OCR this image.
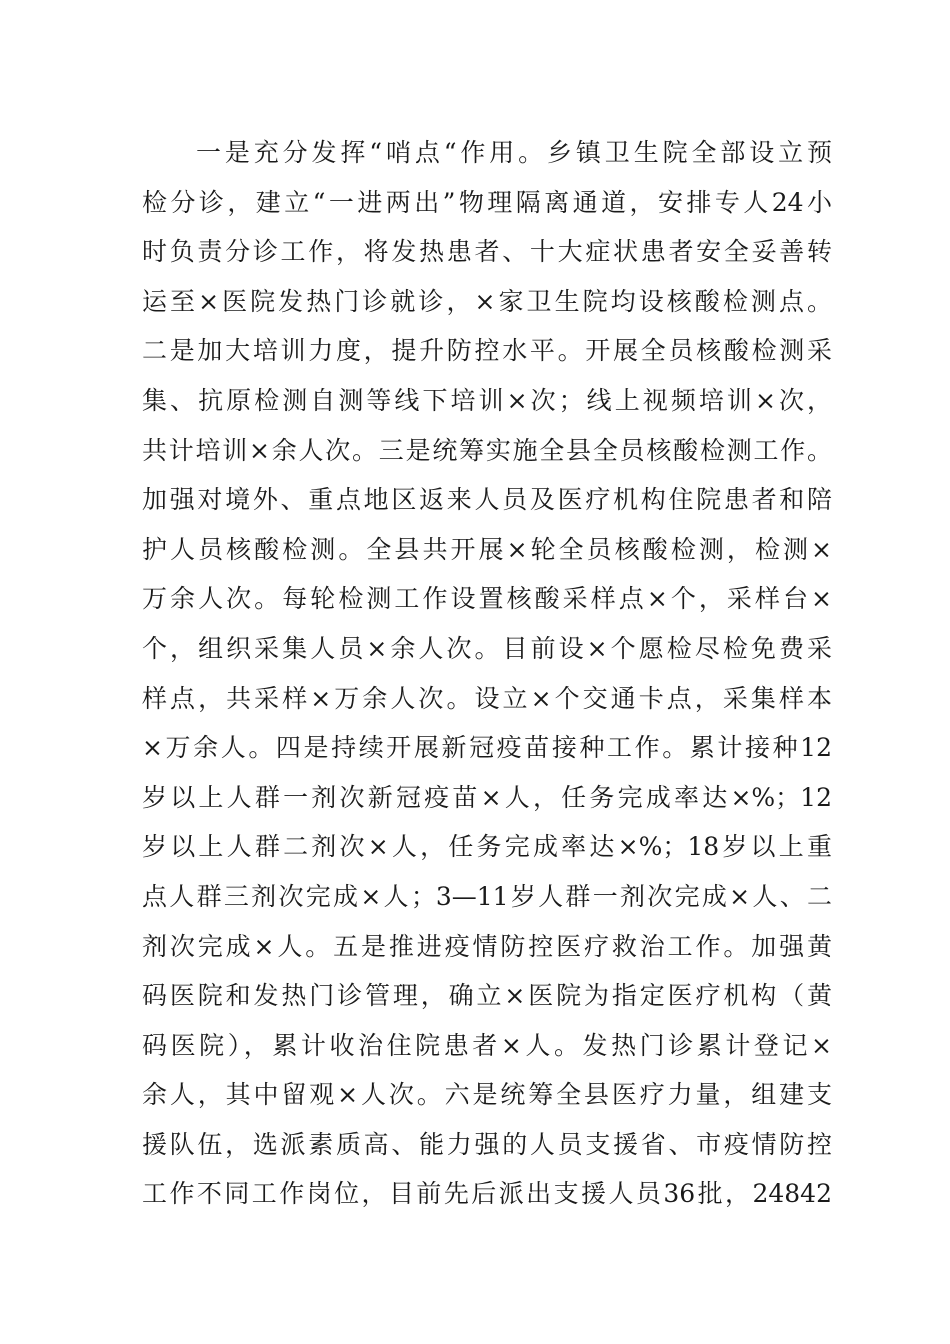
一是充分发挥“哨点“作用。乡镇卫生院全部设立预
检分诊，建立“一进两出”物理隔离通道，安排专人24小
时负责分诊工作，将发热患者、十大症状患者安全妥善转
运至×医院发热门诊就诊，×家卫生院均设核酸检测点。
二是加大培训力度，提升防控水平。开展全员核酸检测采
集、抗原检测自测等线下培训×次；线上视频培训×次，
共计培训×余人次。三是统筹实施全县全员核酸检测工作。
加强对境外、重点地区返来人员及医疗机构住院患者和陪
护人员核酸检测。全县共开展×轮全员核酸检测，检测×
万余人次。每轮检测工作设置核酸采样点×个，采样台×
个，组织采集人员×余人次。目前设×个愿检尽检免费采
样点，共采样×万余人次。设立×个交通卡点，采集样本
×万余人。四是持续开展新冠疫苗接种工作。累计接种12
岁以上人群一剂次新冠疫苗×人，任务完成率达×%；12
岁以上人群二剂次×人，任务完成率达×%；18岁以上重
点人群三剂次完成×人；3—11岁人群一剂次完成×人、二
剂次完成×人。五是推进疫情防控医疗救治工作。加强黄
码医院和发热门诊管理，确立×医院为指定医疗机构（黄
码医院），累计收治住院患者×人。发热门诊累计登记×
余人，其中留观×人次。六是统筹全县医疗力量，组建支
援队伍，选派素质高、能力强的人员支援省、市疫情防控
工作不同工作岗位，目前先后派出支援人员36批，24842
